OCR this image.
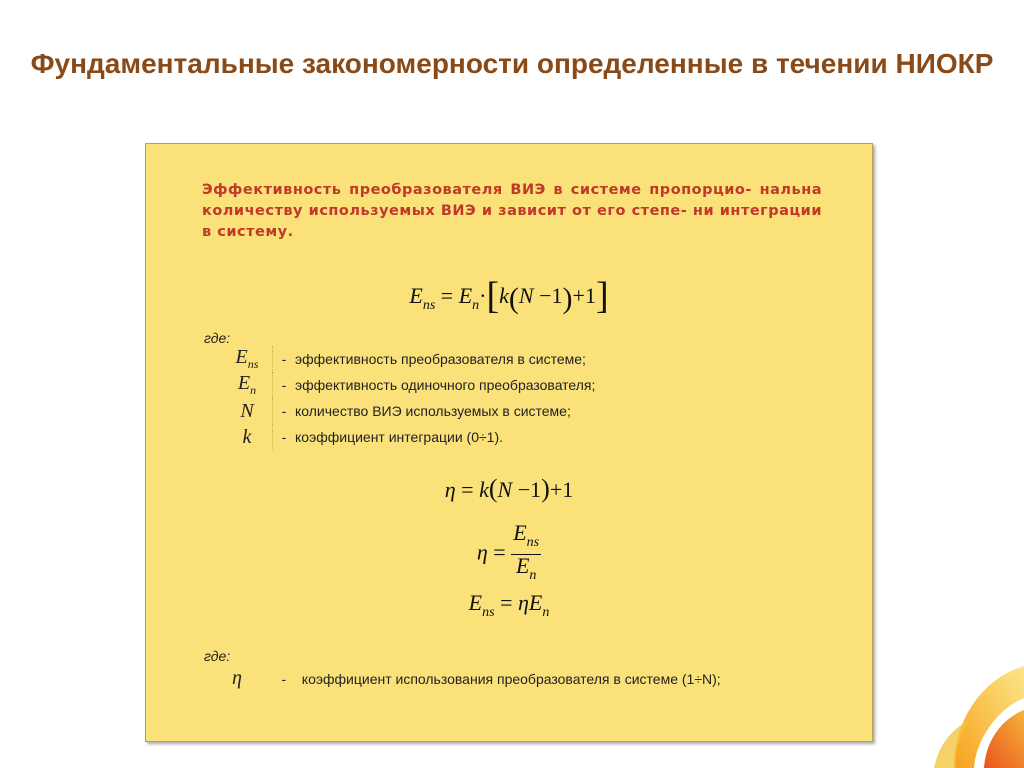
Фундаментальные закономерности определенные в течении НИОКР
Эффективность преобразователя ВИЭ в системе пропорцио- нальна количеству используемых ВИЭ и зависит от его степе- ни интеграции в систему.
$E_{ns} = E_n\cdot[k(N -1)+1]$
где:
$E_{ns}$	-	эффективность преобразователя в системе;
$E_n$	-	эффективность одиночного преобразователя;
N	-	количество ВИЭ используемых в системе;
k	-	коэффициент интеграции (0÷1).
η = k(N −1)+1
$\eta = \frac{E_{ns}}{E_n}$
$E_{ns} = \eta E_n$
где:
η	- коэффициент использования преобразователя в системе (1÷N);
